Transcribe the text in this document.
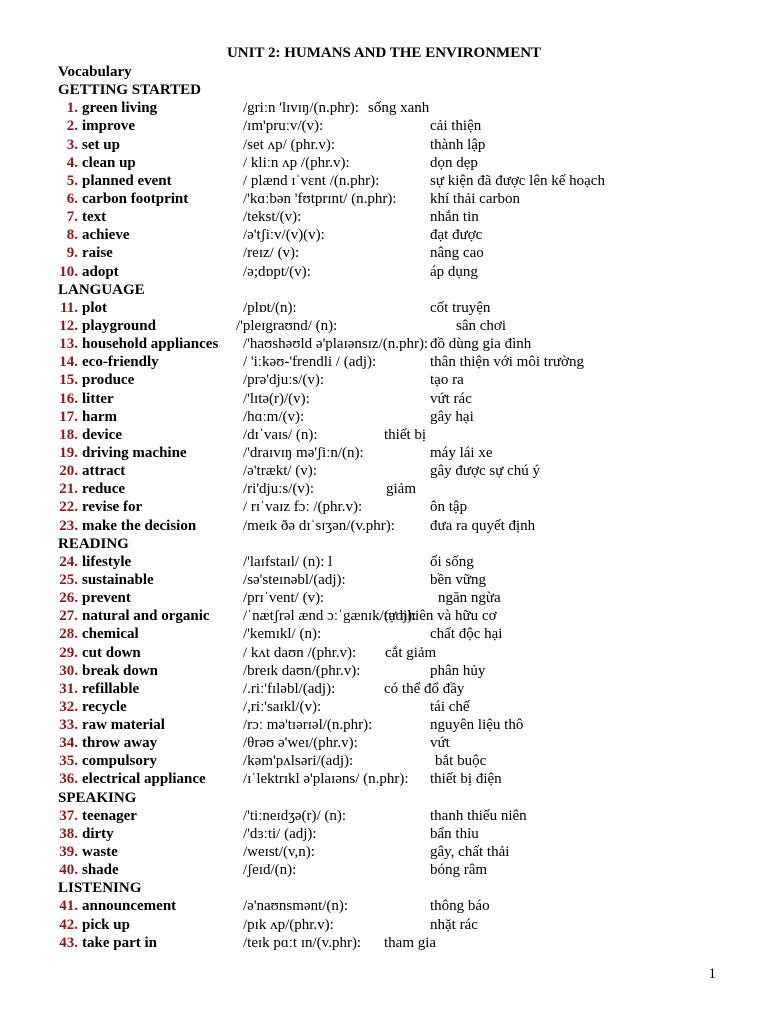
UNIT 2: HUMANS AND THE ENVIRONMENT
Vocabulary
GETTING STARTED
1. green living	/griːn 'lɪvɪŋ/(n.phr): sống xanh
2. improve	/ɪm'pruːv/(v):	cải thiện
3. set up	/set ʌp/ (phr.v):	thành lập
4. clean up	/ kliːn ʌp /(phr.v):	dọn dẹp
5. planned event	/ plænd ɪˈvɛnt /(n.phr):	sự kiện đã được lên kế hoạch
6. carbon footprint	/'kɑːbən 'fʊtprɪnt/ (n.phr): khí thải carbon
7. text	/tekst/(v):	nhắn tin
8. achieve	/ə'tʃiːv/(v)(v):	đạt được
9. raise	/reɪz/ (v):	nâng cao
10. adopt	/ə;dɒpt/(v):	áp dụng
LANGUAGE
11. plot	/plɒt/(n):	cốt truyện
12. playground	/'pleɪgraʊnd/ (n):	sân chơi
13. household appliances /'haʊshəʊld ə'plaɪənsɪz/(n.phr): đồ dùng gia đình
14. eco-friendly	/ 'iːkəʊ-'frendli / (adj):	thân thiện với môi trường
15. produce	/prə'djuːs/(v):	tạo ra
16. litter	/'lɪtə(r)/(v):	vứt rác
17. harm	/hɑːm/(v):	gây hại
18. device	/dɪˈvaɪs/ (n):	thiết bị
19. driving machine	/'draɪvɪŋ mə'ʃiːn/(n):	máy lái xe
20. attract	/ə'trækt/ (v):	gây được sự chú ý
21. reduce	/ri'djuːs/(v):	giảm
22. revise for	/ rɪˈvaɪz fɔː /(phr.v):	ôn tập
23. make the decision	/meɪk ðə dɪˈsɪʒən/(v.phr): đưa ra quyết định
READING
24. lifestyle	/'laɪfstaɪl/ (n): l	ối sống
25. sustainable	/sə'steɪnəbl/(adj):	bền vững
26. prevent	/prɪˈvent/ (v):	ngăn ngừa
27. natural and organic /ˈnætʃrəl ænd ɔːˈgænɪk/(adj):
tự nhiên và hữu cơ
28. chemical	/'kemɪkl/ (n):	chất độc hại
29. cut down	/ kʌt daʊn /(phr.v): cắt giảm
30. break down	/breɪk daʊn/(phr.v):	phân hủy
31. refillable	/.riː'fɪləbl/(adj):	có thể đổ đầy
32. recycle	/,riː'saɪkl/(v):	tái chế
33. raw material	/rɔː mə'tɪərɪəl/(n.phr):	nguyên liệu thô
34. throw away	/θrəʊ ə'weɪ/(phr.v):	vứt
35. compulsory	/kəm'pʌlsəri/(adj):	bắt buộc
36. electrical appliance /ɪˈlektrɪkl ə'plaɪəns/ (n.phr): thiết bị điện
SPEAKING
37. teenager	/'tiːneɪdʒə(r)/ (n):	thanh thiếu niên
38. dirty	/'dɜːti/ (adj):	bẩn thỉu
39. waste	/weɪst/(v,n):	gây, chất thải
40. shade	/ʃeɪd/(n):	bóng râm
LISTENING
41. announcement	/ə'naʊnsmənt/(n):	thông báo
42. pick up	/pɪk ʌp/(phr.v):	nhặt rác
43. take part in	/teɪk pɑːt ɪn/(v.phr): tham gia
1
